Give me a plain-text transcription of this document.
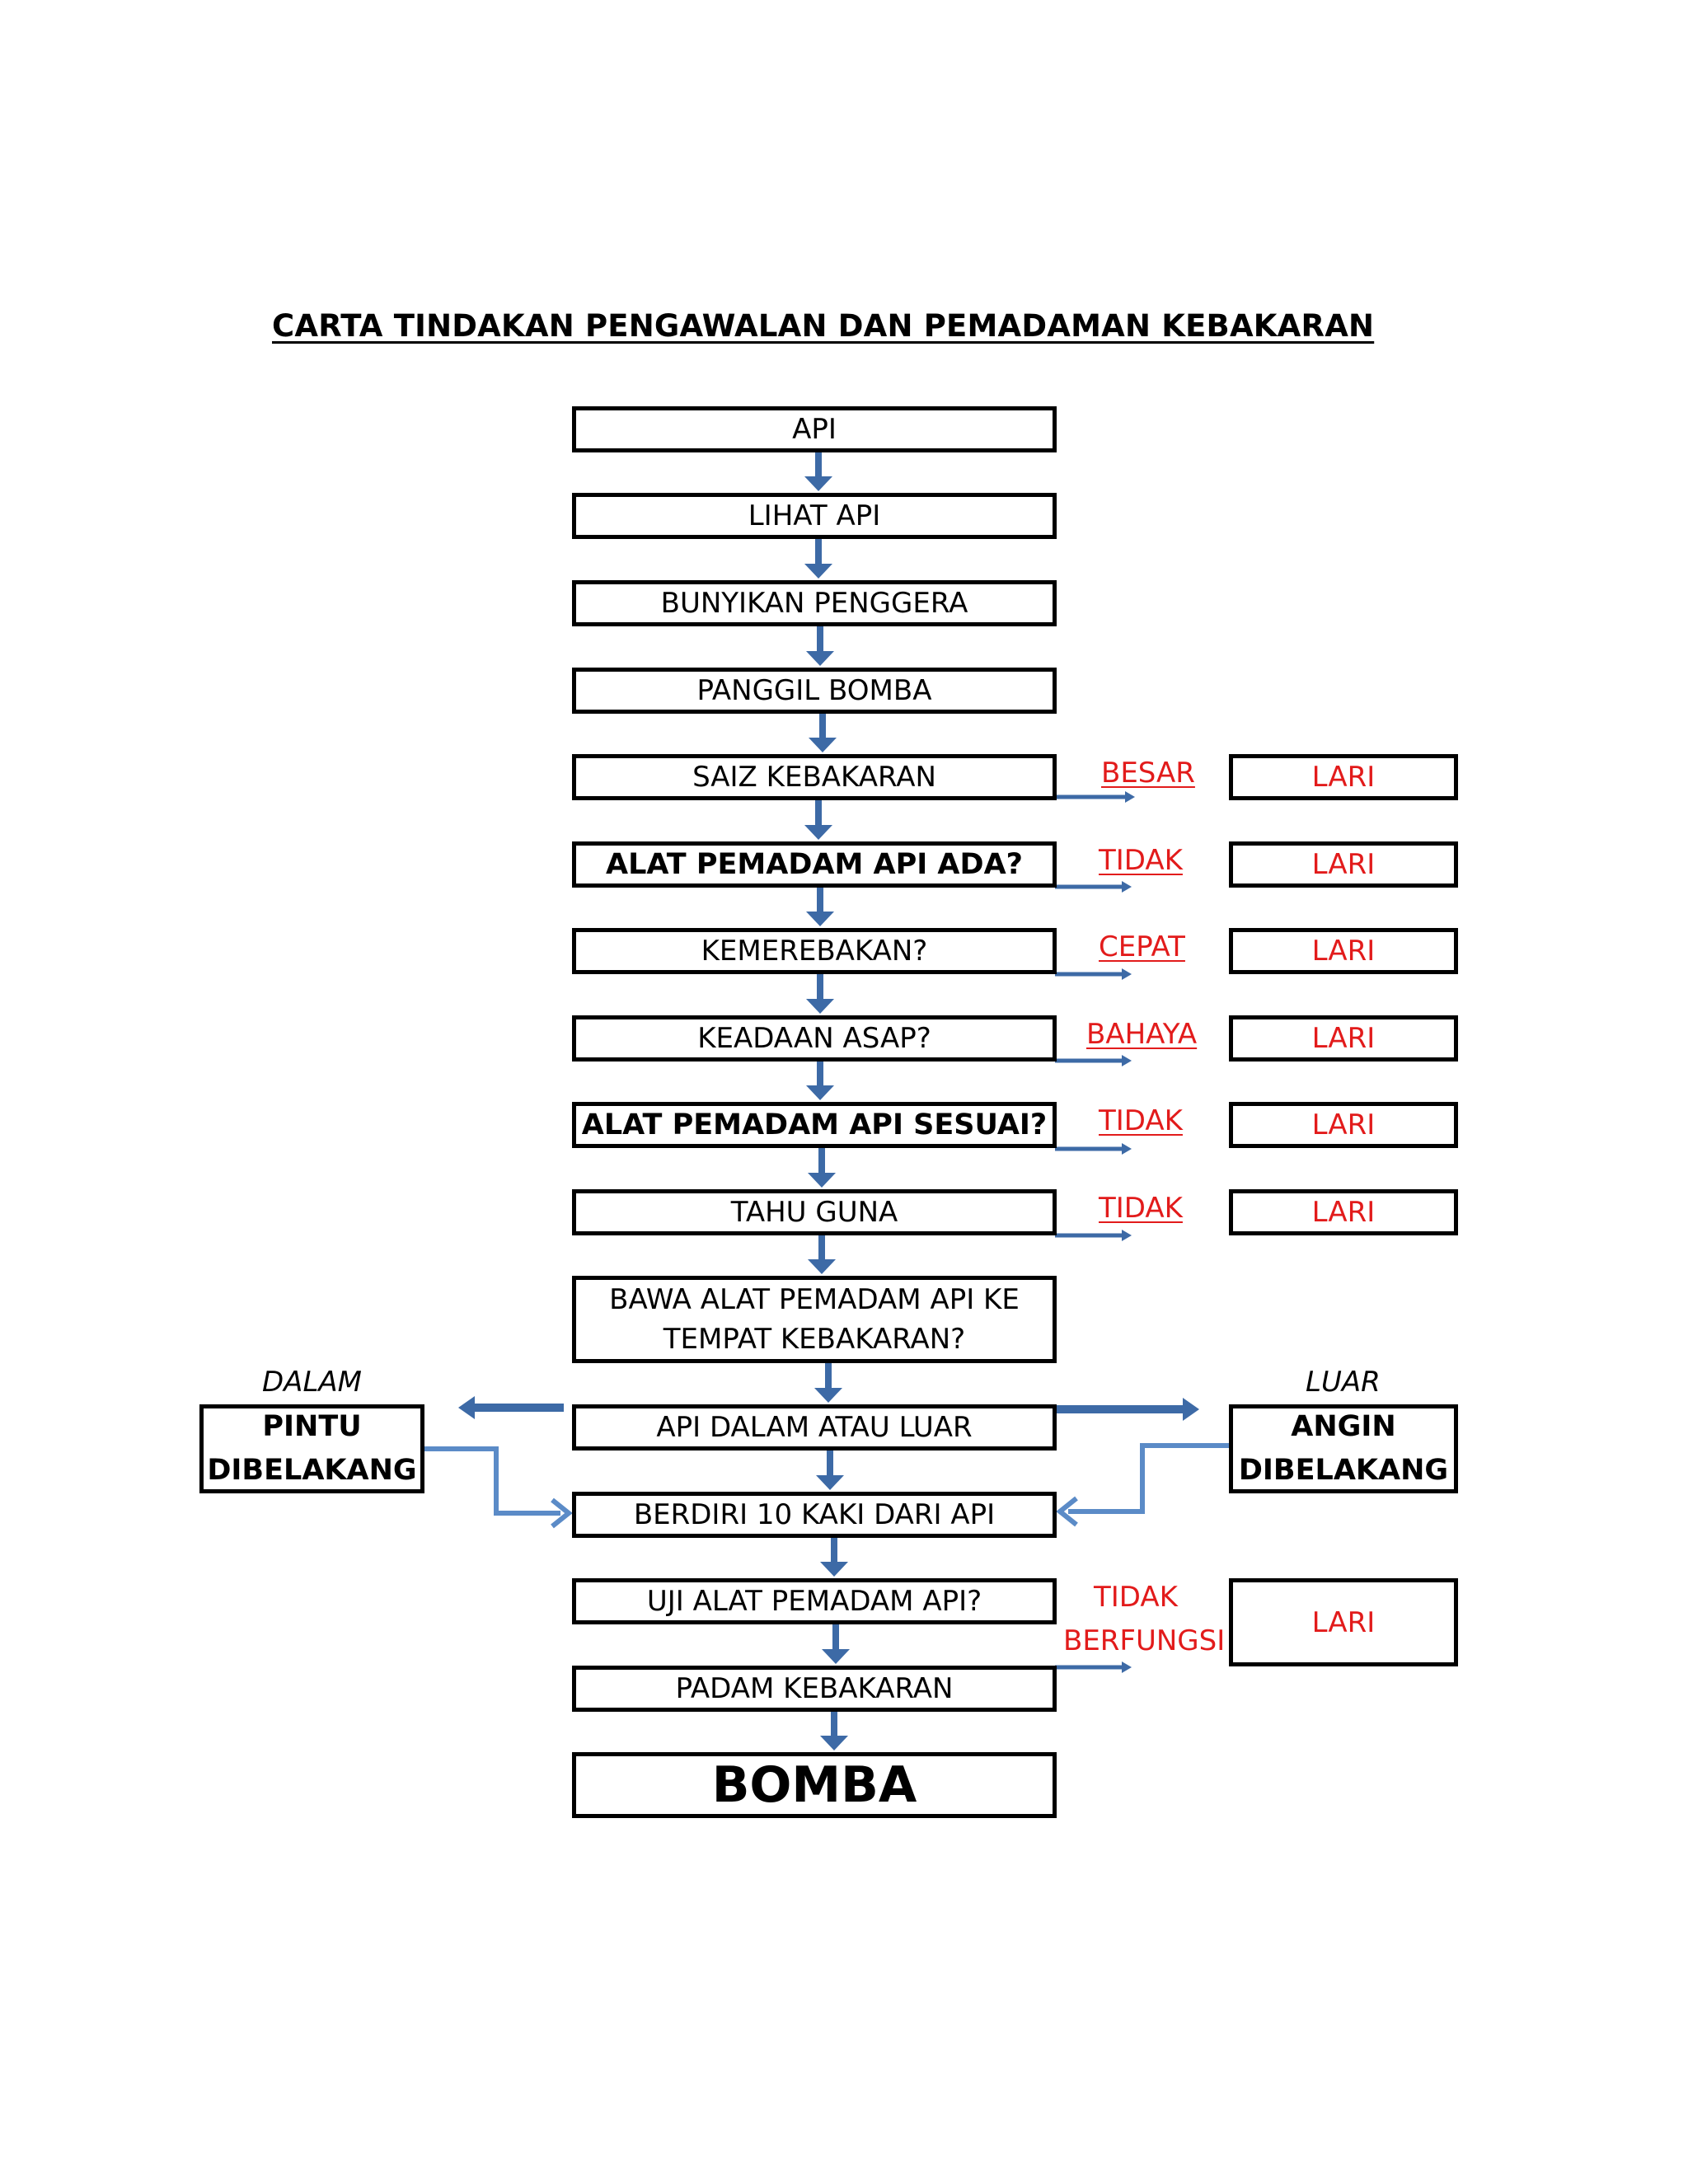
CARTA TINDAKAN PENGAWALAN DAN PEMADAMAN KEBAKARAN
API
LIHAT API
BUNYIKAN PENGGERA
PANGGIL BOMBA
SAIZ KEBAKARAN
ALAT PEMADAM API ADA?
KEMEREBAKAN?
KEADAAN ASAP?
ALAT PEMADAM API SESUAI?
TAHU GUNA
BAWA ALAT PEMADAM API KE
TEMPAT KEBAKARAN?
API DALAM ATAU LUAR
BERDIRI 10 KAKI DARI API
UJI ALAT PEMADAM API?
PADAM KEBAKARAN
BOMBA
BESAR
TIDAK
CEPAT
BAHAYA
TIDAK
TIDAK
TIDAK
BERFUNGSI
LARI
LARI
LARI
LARI
LARI
LARI
LARI
DALAM
PINTU
DIBELAKANG
LUAR
ANGIN
DIBELAKANG
